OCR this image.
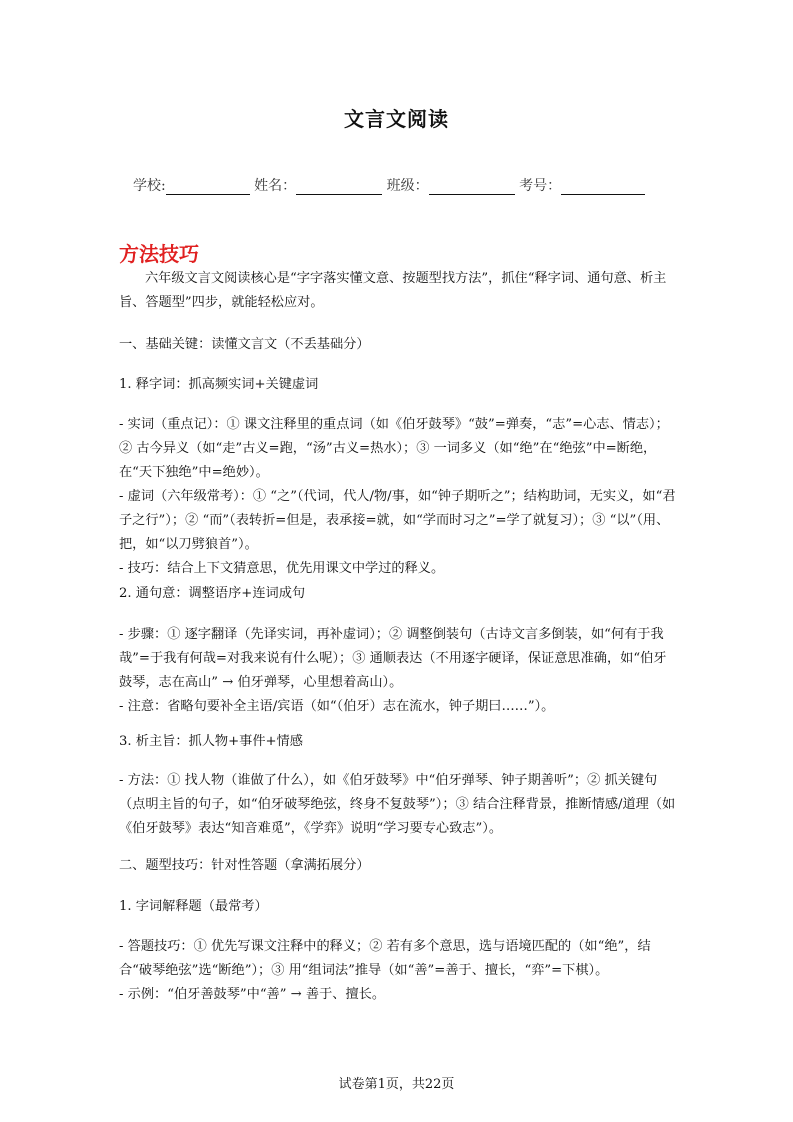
文言文阅读
学校:	姓名：	班级：	考号：
方法技巧

六年级文言文阅读核心是“字字落实懂文意、按题型找方法”，抓住“释字词、通句意、析主旨、答题型”四步，就能轻松应对。

一、基础关键：读懂文言文（不丢基础分）

1. 释字词：抓高频实词+关键虚词

- 实词（重点记）：① 课文注释里的重点词（如《伯牙鼓琴》“鼓”=弹奏，“志”=心志、情志）；② 古今异义（如“走”古义=跑，“汤”古义=热水）；③ 一词多义（如“绝”在“绝弦”中=断绝，在“天下独绝”中=绝妙）。

- 虚词（六年级常考）：① “之”（代词，代人/物/事，如“钟子期听之”；结构助词，无实义，如“君子之行”）；② “而”（表转折=但是，表承接=就，如“学而时习之”=学了就复习）；③ “以”（用、把，如“以刀劈狼首”）。

- 技巧：结合上下文猜意思，优先用课文中学过的释义。

2. 通句意：调整语序+连词成句

- 步骤：① 逐字翻译（先译实词，再补虚词）；② 调整倒装句（古诗文言多倒装，如“何有于我哉”=于我有何哉=对我来说有什么呢）；③ 通顺表达（不用逐字硬译，保证意思准确，如“伯牙鼓琴，志在高山” → 伯牙弹琴，心里想着高山）。

- 注意：省略句要补全主语/宾语（如“（伯牙）志在流水，钟子期曰……”）。

3. 析主旨：抓人物+事件+情感

- 方法：① 找人物（谁做了什么），如《伯牙鼓琴》中“伯牙弹琴、钟子期善听”；② 抓关键句（点明主旨的句子，如“伯牙破琴绝弦，终身不复鼓琴”）；③ 结合注释背景，推断情感/道理（如《伯牙鼓琴》表达“知音难觅”，《学弈》说明“学习要专心致志”）。

二、题型技巧：针对性答题（拿满拓展分）

1. 字词解释题（最常考）

- 答题技巧：① 优先写课文注释中的释义；② 若有多个意思，选与语境匹配的（如“绝”，结合“破琴绝弦”选“断绝”）；③ 用“组词法”推导（如“善”=善于、擅长，“弈”=下棋）。

- 示例：“伯牙善鼓琴”中“善” → 善于、擅长。

试卷第1页，共22页
